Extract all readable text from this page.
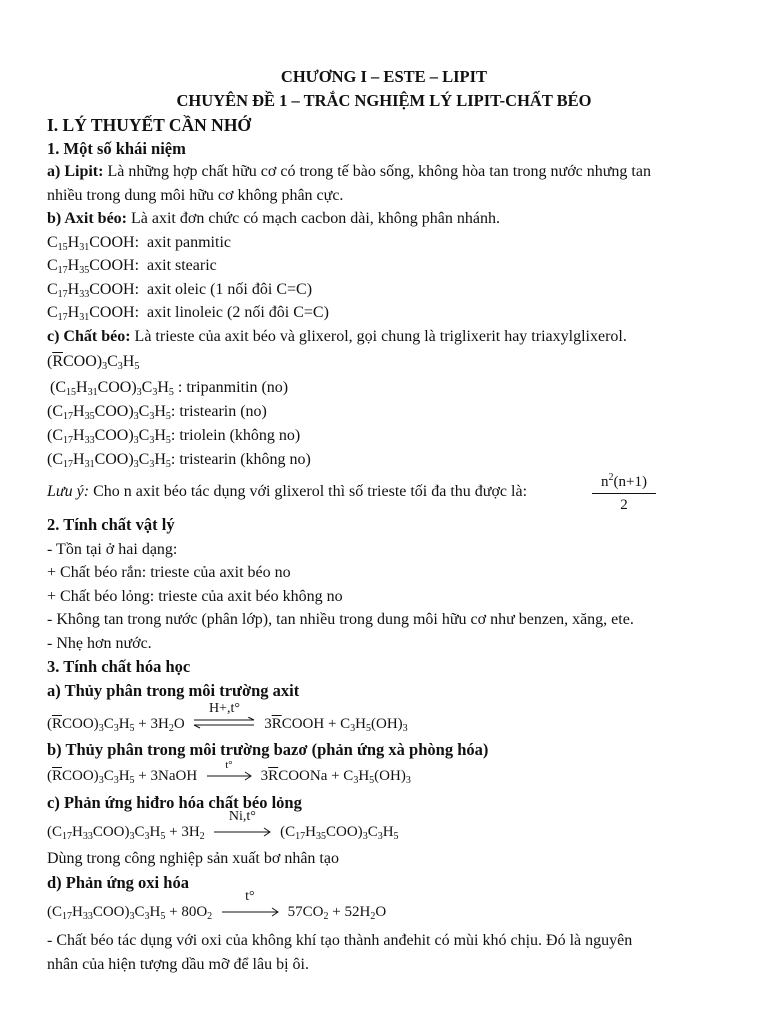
CHƯƠNG I – ESTE – LIPIT
CHUYÊN ĐỀ 1 – TRẮC NGHIỆM LÝ LIPIT-CHẤT BÉO
I. LÝ THUYẾT CẦN NHỚ
1. Một số khái niệm
a) Lipit: Là những hợp chất hữu cơ có trong tế bào sống, không hòa tan trong nước nhưng tan
nhiều trong dung môi hữu cơ không phân cực.
b) Axit béo: Là axit đơn chức có mạch cacbon dài, không phân nhánh.
$C_{15}H_{31}COOH$:  axit panmitic
$C_{17}H_{35}COOH$:  axit stearic
$C_{17}H_{33}COOH$:  axit oleic (1 nối đôi C=C)
$C_{17}H_{31}COOH$:  axit linoleic (2 nối đôi C=C)
c) Chất béo: Là trieste của axit béo và glixerol, gọi chung là triglixerit hay triaxylglixerol.
$(\overline{R}COO)_3C_3H_5$
$(C_{15}H_{31}COO)_3C_3H_5$ : tripanmitin (no)
$(C_{17}H_{35}COO)_3C_3H_5$: tristearin (no)
$(C_{17}H_{33}COO)_3C_3H_5$: triolein (không no)
$(C_{17}H_{31}COO)_3C_3H_5$: tristearin (không no)
Lưu ý: Cho n axit béo tác dụng với glixerol thì số trieste tối đa thu được là:
$n^2(n+1)$
2
2. Tính chất vật lý
- Tồn tại ở hai dạng:
+ Chất béo rắn: trieste của axit béo no
+ Chất béo lỏng: trieste của axit béo không no
- Không tan trong nước (phân lớp), tan nhiều trong dung môi hữu cơ như benzen, xăng, ete.
- Nhẹ hơn nước.
3. Tính chất hóa học
a) Thủy phân trong môi trường axit
$(\overline{R}COO)_3C_3H_5 + 3H_2O$
H+,t°
$3\overline{R}COOH + C_3H_5(OH)_3$
b) Thủy phân trong môi trường bazơ (phản ứng xà phòng hóa)
$(\overline{R}COO)_3C_3H_5$ + 3NaOH
t°
$3\overline{R}COONa + C_3H_5(OH)_3$
c) Phản ứng hiđro hóa chất béo lỏng
$(C_{17}H_{33}COO)_3C_3H_5 + 3H_2$
Ni,t°
$(C_{17}H_{35}COO)_3C_3H_5$
Dùng trong công nghiệp sản xuất bơ nhân tạo
d) Phản ứng oxi hóa
$(C_{17}H_{33}COO)_3C_3H_5 + 80O_2$
t°
$57CO_2 + 52H_2O$
- Chất béo tác dụng với oxi của không khí tạo thành anđehit có mùi khó chịu. Đó là nguyên
nhân của hiện tượng dầu mỡ để lâu bị ôi.
